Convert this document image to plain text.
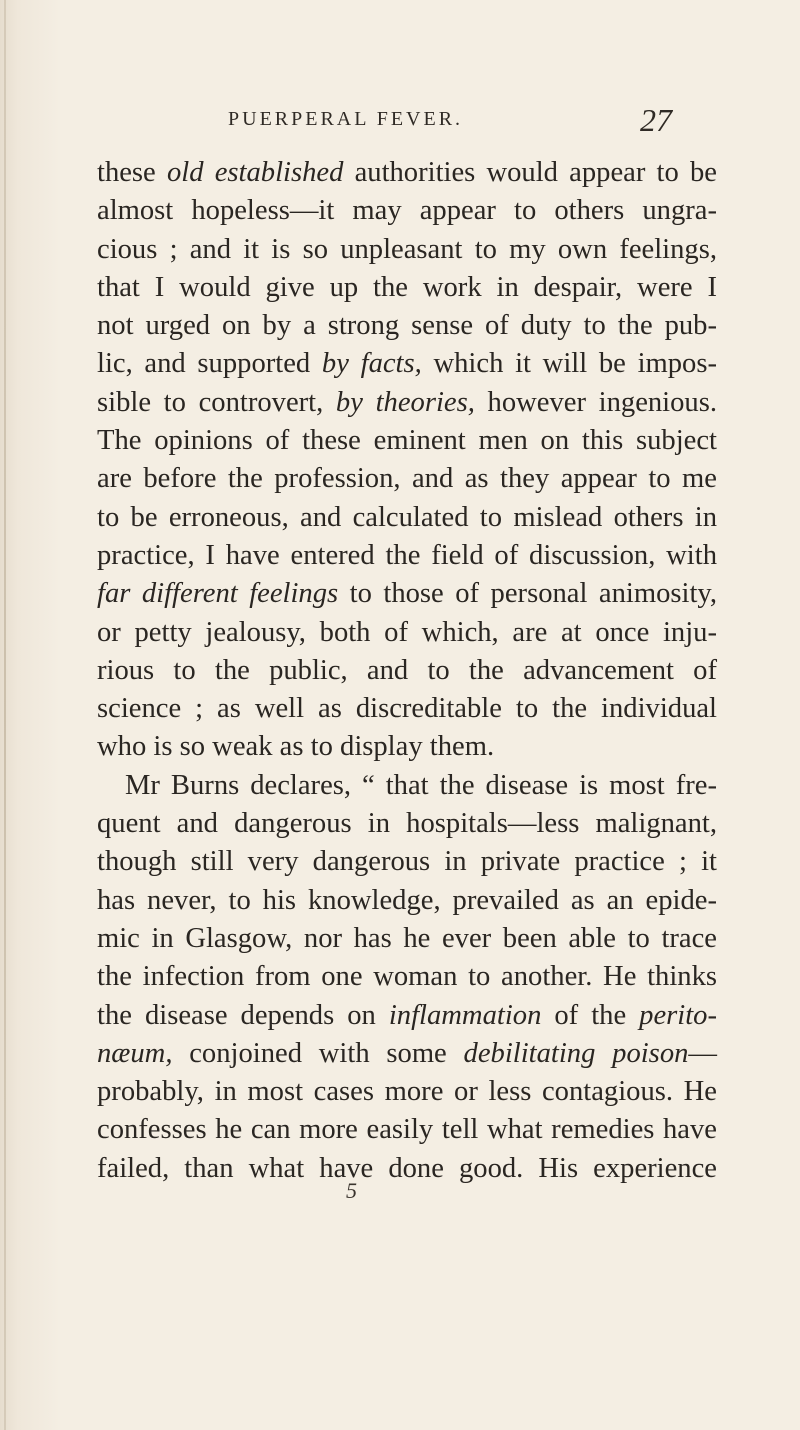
PUERPERAL FEVER.	27
these old established authorities would appear to be
almost hopeless—it may appear to others ungra-
cious ; and it is so unpleasant to my own feelings,
that I would give up the work in despair, were I
not urged on by a strong sense of duty to the pub-
lic, and supported by facts, which it will be impos-
sible to controvert, by theories, however ingenious.
The opinions of these eminent men on this subject
are before the profession, and as they appear to me
to be erroneous, and calculated to mislead others in
practice, I have entered the field of discussion, with
far different feelings to those of personal animosity,
or petty jealousy, both of which, are at once inju-
rious to the public, and to the advancement of
science ; as well as discreditable to the individual
who is so weak as to display them.
Mr Burns declares, “ that the disease is most fre-
quent and dangerous in hospitals—less malignant,
though still very dangerous in private practice ; it
has never, to his knowledge, prevailed as an epide-
mic in Glasgow, nor has he ever been able to trace
the infection from one woman to another. He thinks
the disease depends on inflammation of the perito-
næum, conjoined with some debilitating poison—
probably, in most cases more or less contagious. He
confesses he can more easily tell what remedies have
failed, than what have done good. His experience
5
